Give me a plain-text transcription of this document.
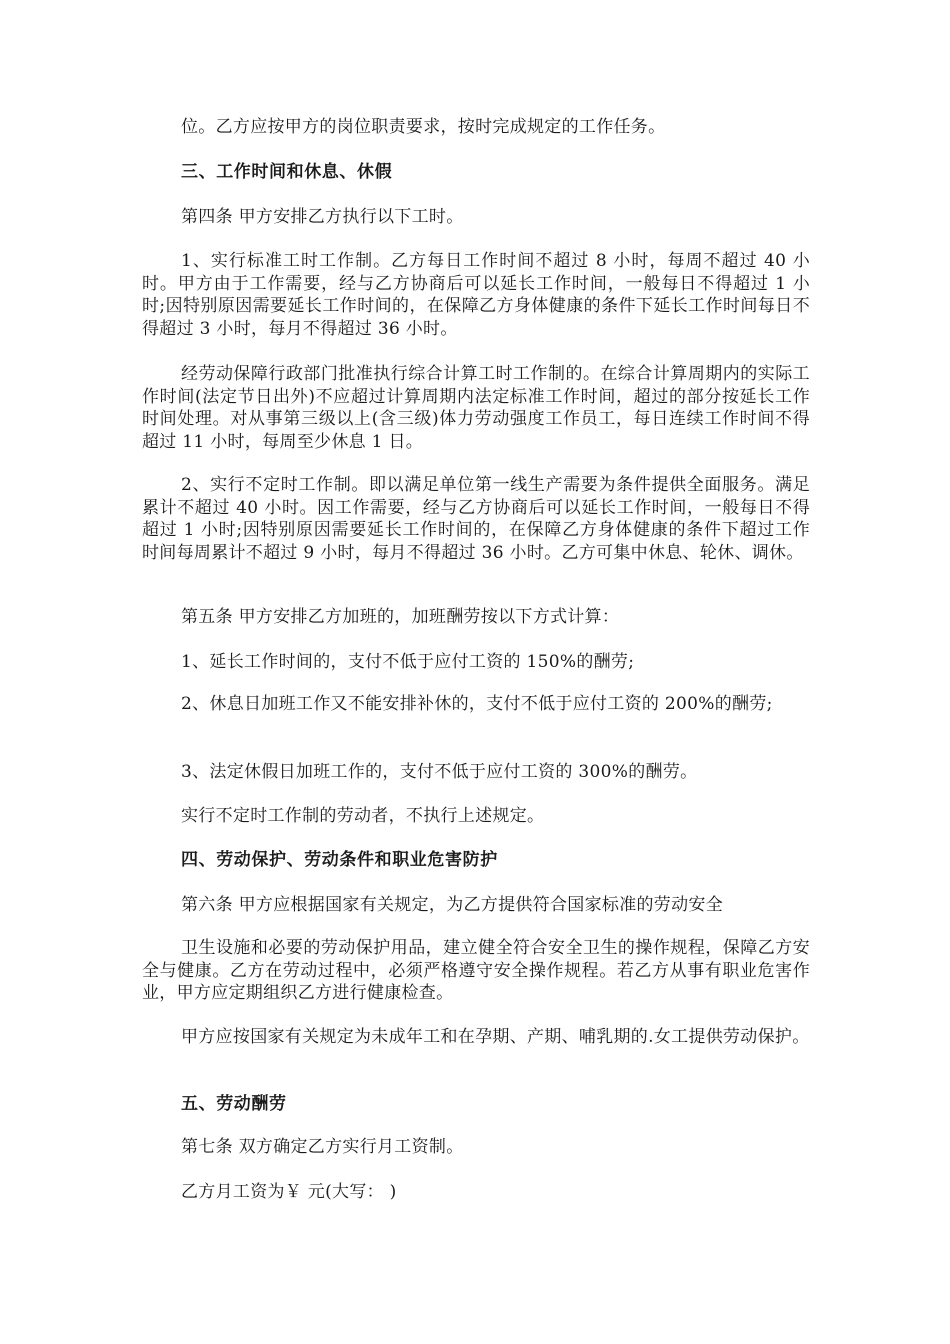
位。乙方应按甲方的岗位职责要求，按时完成规定的工作任务。

三、工作时间和休息、休假

第四条 甲方安排乙方执行以下工时。

1、实行标准工时工作制。乙方每日工作时间不超过 8 小时，每周不超过 40 小时。甲方由于工作需要，经与乙方协商后可以延长工作时间，一般每日不得超过 1 小时;因特别原因需要延长工作时间的，在保障乙方身体健康的条件下延长工作时间每日不得超过 3 小时，每月不得超过 36 小时。

经劳动保障行政部门批准执行综合计算工时工作制的。在综合计算周期内的实际工作时间(法定节日出外)不应超过计算周期内法定标准工作时间，超过的部分按延长工作时间处理。对从事第三级以上(含三级)体力劳动强度工作员工，每日连续工作时间不得超过 11 小时，每周至少休息 1 日。

2、实行不定时工作制。即以满足单位第一线生产需要为条件提供全面服务。满足累计不超过 40 小时。因工作需要，经与乙方协商后可以延长工作时间，一般每日不得超过 1 小时;因特别原因需要延长工作时间的，在保障乙方身体健康的条件下超过工作时间每周累计不超过 9 小时，每月不得超过 36 小时。乙方可集中休息、轮休、调休。

第五条 甲方安排乙方加班的，加班酬劳按以下方式计算：

1、延长工作时间的，支付不低于应付工资的 150%的酬劳;

2、休息日加班工作又不能安排补休的，支付不低于应付工资的 200%的酬劳;

3、法定休假日加班工作的，支付不低于应付工资的 300%的酬劳。

实行不定时工作制的劳动者，不执行上述规定。

四、劳动保护、劳动条件和职业危害防护

第六条 甲方应根据国家有关规定，为乙方提供符合国家标准的劳动安全

卫生设施和必要的劳动保护用品，建立健全符合安全卫生的操作规程，保障乙方安全与健康。乙方在劳动过程中，必须严格遵守安全操作规程。若乙方从事有职业危害作业，甲方应定期组织乙方进行健康检查。

甲方应按国家有关规定为未成年工和在孕期、产期、哺乳期的.女工提供劳动保护。

五、劳动酬劳

第七条 双方确定乙方实行月工资制。

乙方月工资为￥ 元(大写： )
